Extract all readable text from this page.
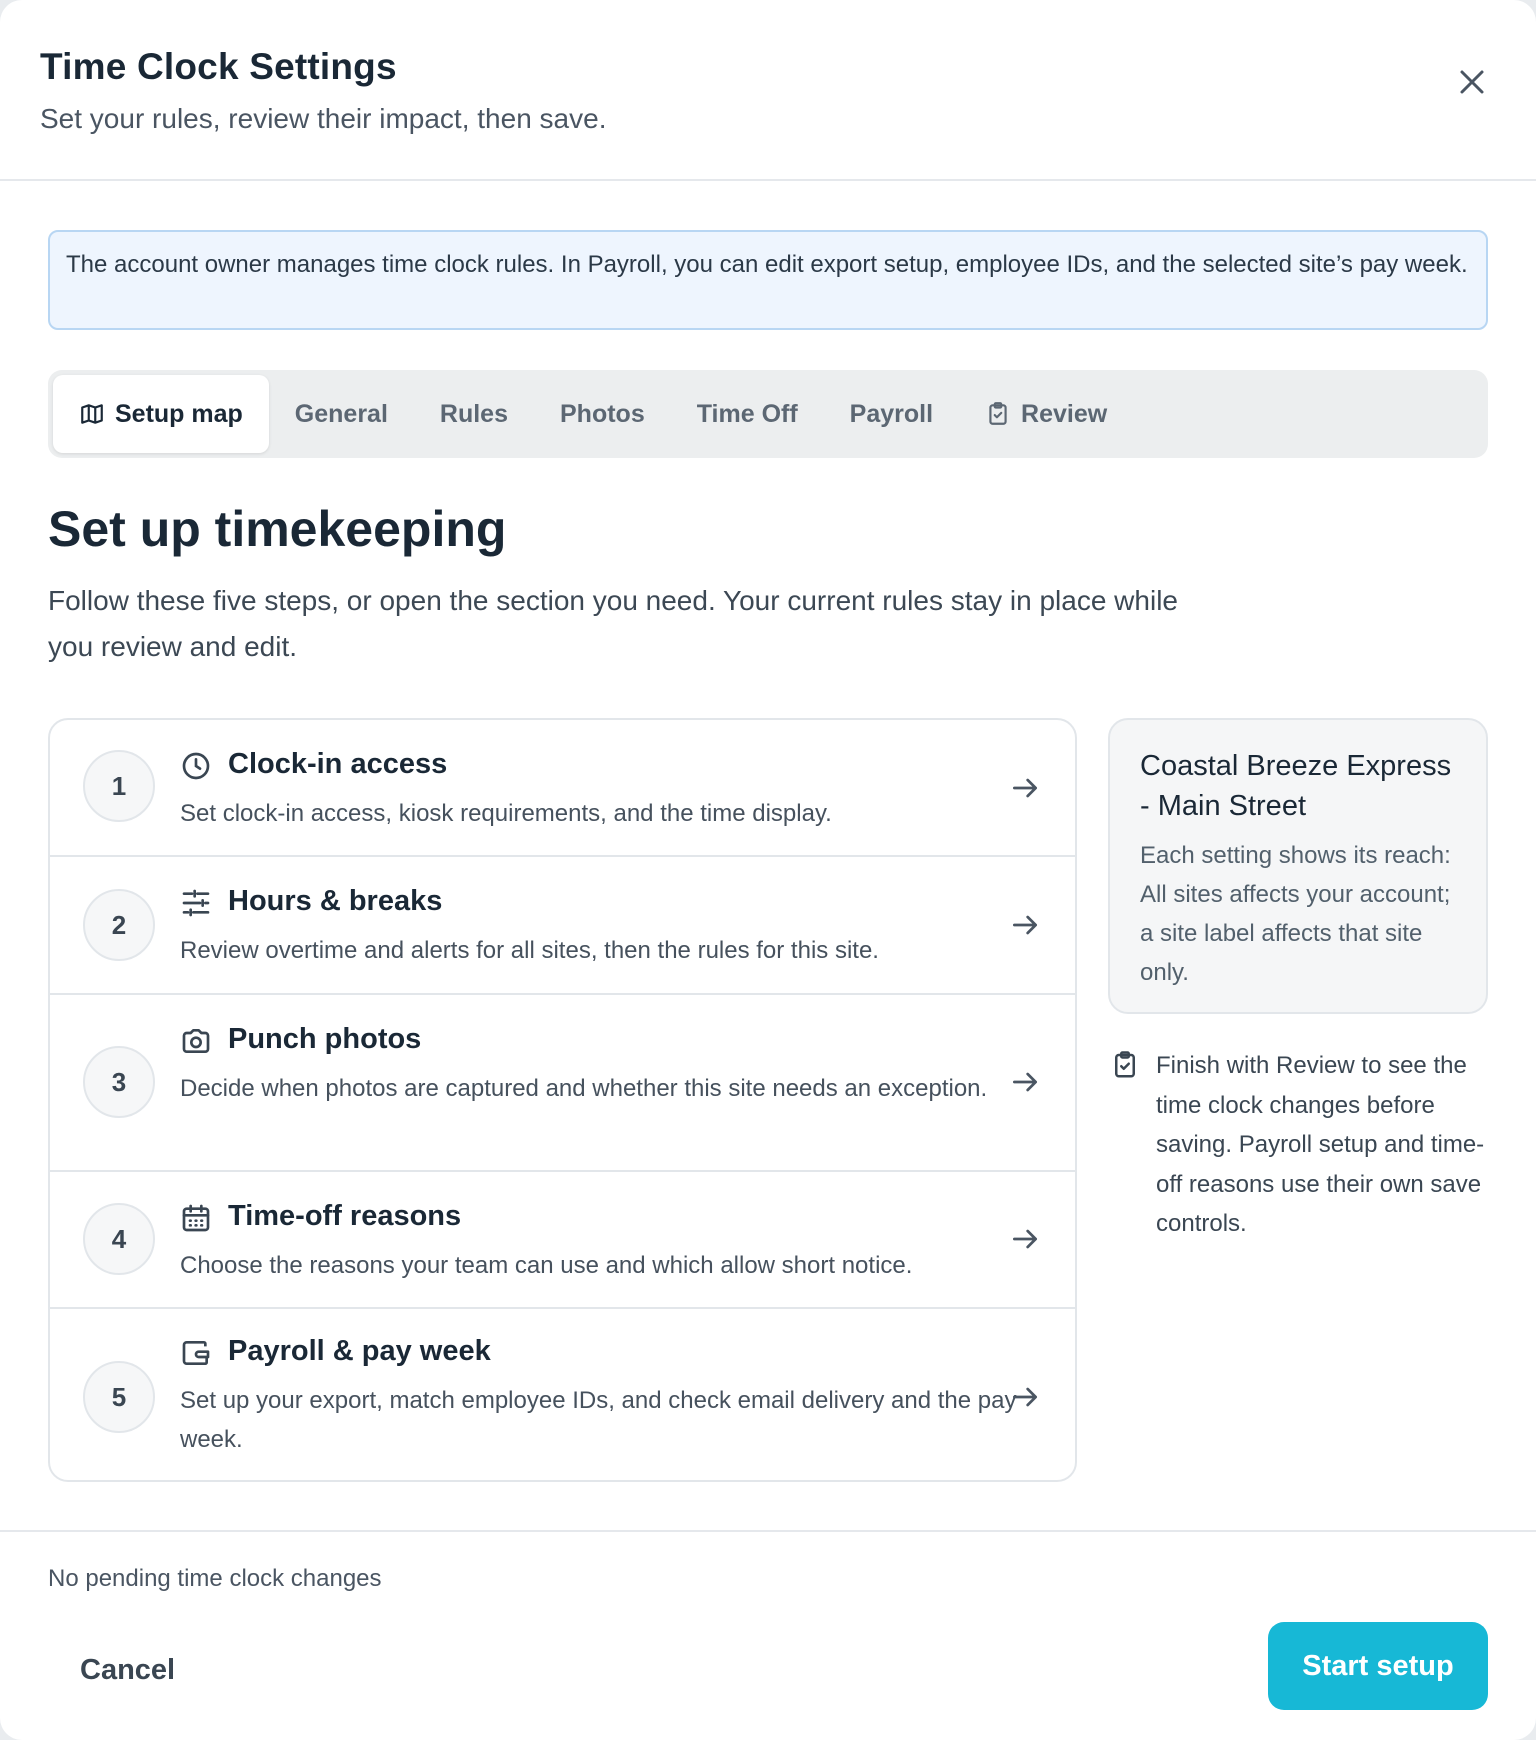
Time Clock Settings
Set your rules, review their impact, then save.
The account owner manages time clock rules. In Payroll, you can edit export setup, employee IDs, and the selected site’s pay week.
Setup map General Rules Photos Time Off Payroll	Review
Set up timekeeping
Follow these five steps, or open the section you need. Your current rules stay in place while you review and edit.
1
Clock-in access
Set clock-in access, kiosk requirements, and the time display.
2
Hours & breaks
Review overtime and alerts for all sites, then the rules for this site.
3
Punch photos
Decide when photos are captured and whether this site needs an exception.
4
Time-off reasons
Choose the reasons your team can use and which allow short notice.
5
Payroll & pay week
Set up your export, match employee IDs, and check email delivery and the pay week.
Coastal Breeze Express - Main Street
Each setting shows its reach: All sites affects your account; a site label affects that site only.
Finish with Review to see the time clock changes before saving. Payroll setup and time-off reasons use their own save controls.
No pending time clock changes
Cancel	Start setup
